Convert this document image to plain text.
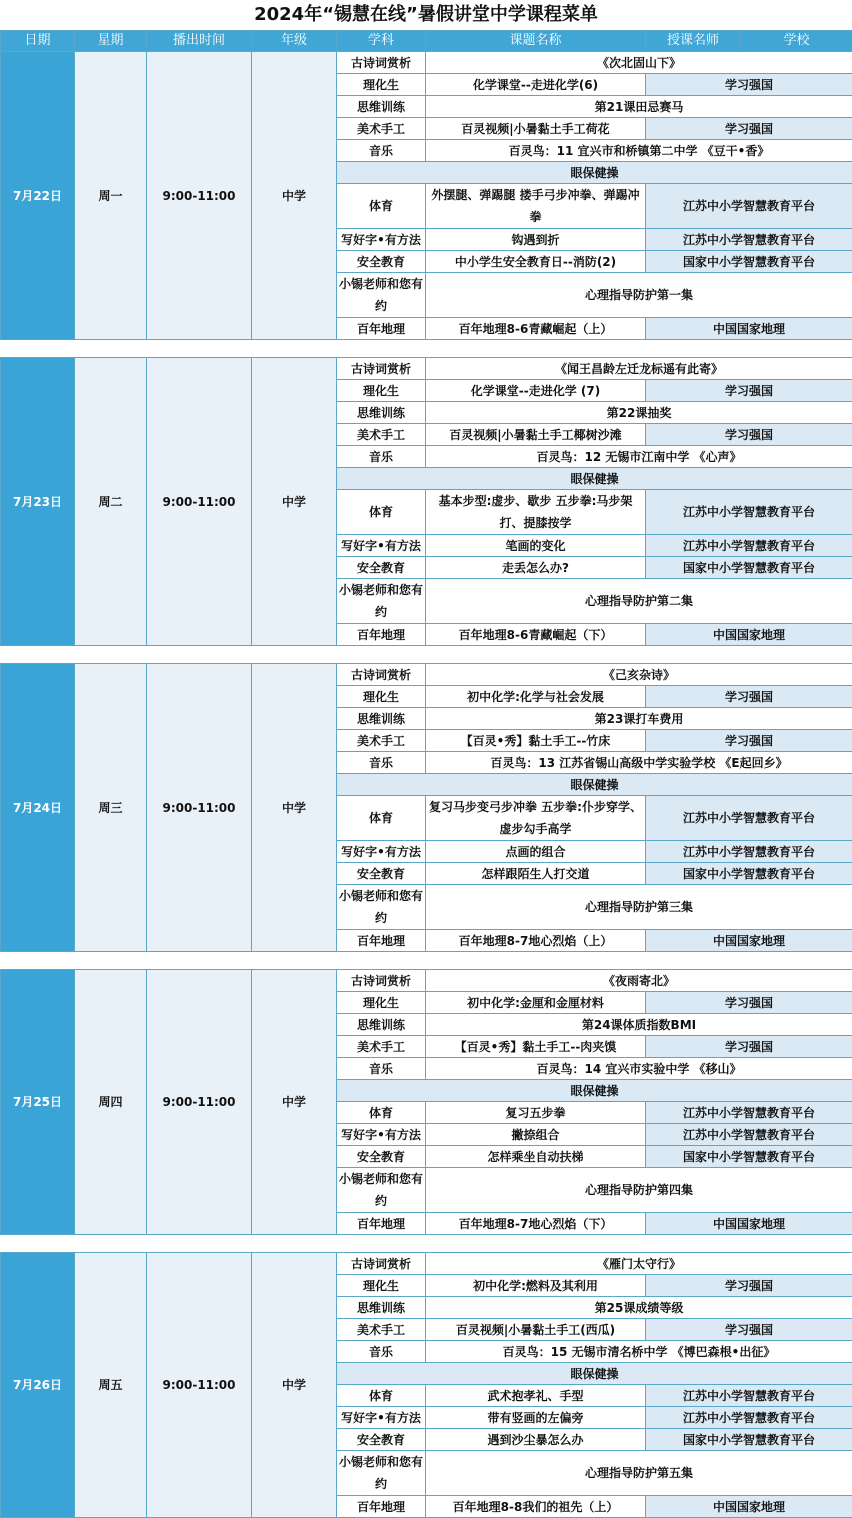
2024年“锡慧在线”暑假讲堂中学课程菜单
日期	星期	播出时间	年级	学科	课题名称	授课名师	学校
7月22日	周一	9:00-11:00	中学	古诗词赏析	《次北固山下》		
				理化生	化学课堂--走进化学(6)	学习强国	
				思维训练	第21课田忌赛马		
				美术手工	百灵视频|小暑黏土手工荷花	学习强国	
				音乐	百灵鸟：11 宜兴市和桥镇第二中学 《豆干•香》		
				眼保健操			
				体育	外摆腿、弹踢腿 搂手弓步冲拳、弹踢冲拳	江苏中小学智慧教育平台	
				写好字•有方法	钩遇到折	江苏中小学智慧教育平台	
				安全教育	中小学生安全教育日--消防(2)	国家中小学智慧教育平台	
				小锡老师和您有约	心理指导防护第一集		
				百年地理	百年地理8-6青藏崛起（上）	中国国家地理	

7月23日	周二	9:00-11:00	中学	古诗词赏析	《闻王昌龄左迁龙标遥有此寄》		
				理化生	化学课堂--走进化学 (7)	学习强国	
				思维训练	第22课抽奖		
				美术手工	百灵视频|小暑黏土手工椰树沙滩	学习强国	
				音乐	百灵鸟：12 无锡市江南中学 《心声》		
				眼保健操			
				体育	基本步型:虚步、歇步 五步拳:马步架打、提膝按学	江苏中小学智慧教育平台	
				写好字•有方法	笔画的变化	江苏中小学智慧教育平台	
				安全教育	走丢怎么办?	国家中小学智慧教育平台	
				小锡老师和您有约	心理指导防护第二集		
				百年地理	百年地理8-6青藏崛起（下）	中国国家地理	

7月24日	周三	9:00-11:00	中学	古诗词赏析	《己亥杂诗》		
				理化生	初中化学:化学与社会发展	学习强国	
				思维训练	第23课打车费用		
				美术手工	【百灵•秀】黏土手工--竹床	学习强国	
				音乐	百灵鸟：13 江苏省锡山高级中学实验学校 《E起回乡》		
				眼保健操			
				体育	复习马步变弓步冲拳 五步拳:仆步穿学、虚步勾手高学	江苏中小学智慧教育平台	
				写好字•有方法	点画的组合	江苏中小学智慧教育平台	
				安全教育	怎样跟陌生人打交道	国家中小学智慧教育平台	
				小锡老师和您有约	心理指导防护第三集		
				百年地理	百年地理8-7地心烈焰（上）	中国国家地理	

7月25日	周四	9:00-11:00	中学	古诗词赏析	《夜雨寄北》		
				理化生	初中化学:金厘和金厘材料	学习强国	
				思维训练	第24课体质指数BMI		
				美术手工	【百灵•秀】黏土手工--肉夹馍	学习强国	
				音乐	百灵鸟：14 宜兴市实验中学 《移山》		
				眼保健操			
				体育	复习五步拳	江苏中小学智慧教育平台	
				写好字•有方法	撇捺组合	江苏中小学智慧教育平台	
				安全教育	怎样乘坐自动扶梯	国家中小学智慧教育平台	
				小锡老师和您有约	心理指导防护第四集		
				百年地理	百年地理8-7地心烈焰（下）	中国国家地理	

7月26日	周五	9:00-11:00	中学	古诗词赏析	《雁门太守行》		
				理化生	初中化学:燃料及其利用	学习强国	
				思维训练	第25课成绩等级		
				美术手工	百灵视频|小暑黏土手工(西瓜)	学习强国	
				音乐	百灵鸟：15 无锡市清名桥中学 《博巴森根•出征》		
				眼保健操			
				体育	武术抱孝礼、手型	江苏中小学智慧教育平台	
				写好字•有方法	带有竖画的左偏旁	江苏中小学智慧教育平台	
				安全教育	遇到沙尘暴怎么办	国家中小学智慧教育平台	
				小锡老师和您有约	心理指导防护第五集		
				百年地理	百年地理8-8我们的祖先（上）	中国国家地理	
